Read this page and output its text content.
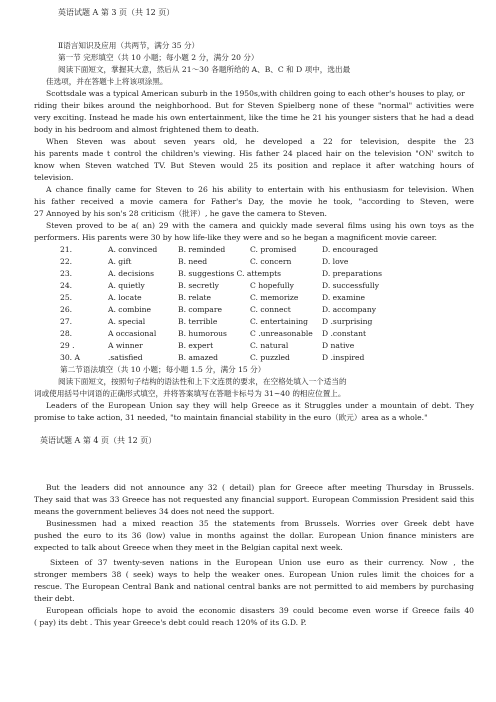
英语试题 A 第 3 页（共 12 页）
Ⅱ语言知识及应用（共两节，满分 35 分）
第一节 完形填空（共 10 小题；每小题 2 分，满分 20 分）
阅读下面短文，掌握其大意，然后从 21～30 各题所给的 A、B、C 和 D 项中，选出最
佳选项，并在答题卡上将该项涂黑。
Scottsdale was a typical American suburb in the 1950s,with children going to each other's houses to play, or
riding their bikes around the neighborhood. But for Steven Spielberg none of these "normal" activities were
very exciting. Instead he made his own entertainment, like the time he 21 his younger sisters that he had a dead
body in his bedroom and almost frightened them to death.
When Steven was about seven years old, he developed a 22 for television, despite the 23
his parents made t control the children's viewing. His father 24 placed hair on the television "ON' switch to
know when Steven watched TV. But Steven would 25 its position and replace it after watching hours of
television.
A chance finally came for Steven to 26 his ability to entertain with his enthusiasm for television. When
his father received a movie camera for Father's Day, the movie he took, "according to Steven, were
27 Annoyed by his son's 28 criticism（批评）, he gave the camera to Steven.
Steven proved to be a( an) 29 with the camera and quickly made several films using his own toys as the
performers. His parents were 30 by how life-like they were and so he began a magnificent movie career.
21.	A. convinced	B. reminded	C. promised	D. encouraged
22.	A. gift	B. need	C. concern	D. love
23.	A. decisions	B. suggestions C. attempts	D. preparations
24.	A. quietly	B. secretly	C hopefully	D. successfully
25.	A. locate	B. relate	C. memorize	D. examine
26.	A. combine	B. compare	C. connect	D. accompany
27.	A. special	B. terrible	C. entertaining D .surprising
28.	A occasional	B. humorous	C .unreasonable D .constant
29 .	A winner	B. expert	C. natural	D native
30. A	.satisfied	B. amazed	C. puzzled	D .inspired
第二节语法填空（共 10 小题；每小题 1.5 分，满分 15 分）
阅读下面短文，按照句子结构的语法性和上下文连贯的要求，在空格处填入一个适当的
词或使用括号中词语的正确形式填空，并将答案填写在答题卡标号为 31~40 的相应位置上。
Leaders of the European Union say they will help Greece as it Struggles under a mountain of debt. They
promise to take action, 31 needed, "to maintain financial stability in the euro（欧元）area as a whole."
英语试题 A 第 4 页（共 12 页）
But the leaders did not announce any 32 ( detail) plan for Greece after meeting Thursday in Brussels.
They said that was 33 Greece has not requested any financial support. European Commission President said this
means the government believes 34 does not need the support.
Businessmen had a mixed reaction 35 the statements from Brussels. Worries over Greek debt have
pushed the euro to its 36 (low) value in months against the dollar. European Union finance ministers are
expected to talk about Greece when they meet in the Belgian capital next week.
Sixteen of 37 twenty-seven nations in the European Union use euro as their currency. Now , the
stronger members 38 ( seek) ways to help the weaker ones. European Union rules limit the choices for a
rescue. The European Central Bank and national central banks are not permitted to aid members by purchasing
their debt.
European officials hope to avoid the economic disasters 39 could become even worse if Greece fails 40
( pay) its debt . This year Greece's debt could reach 120% of its G.D. P.
